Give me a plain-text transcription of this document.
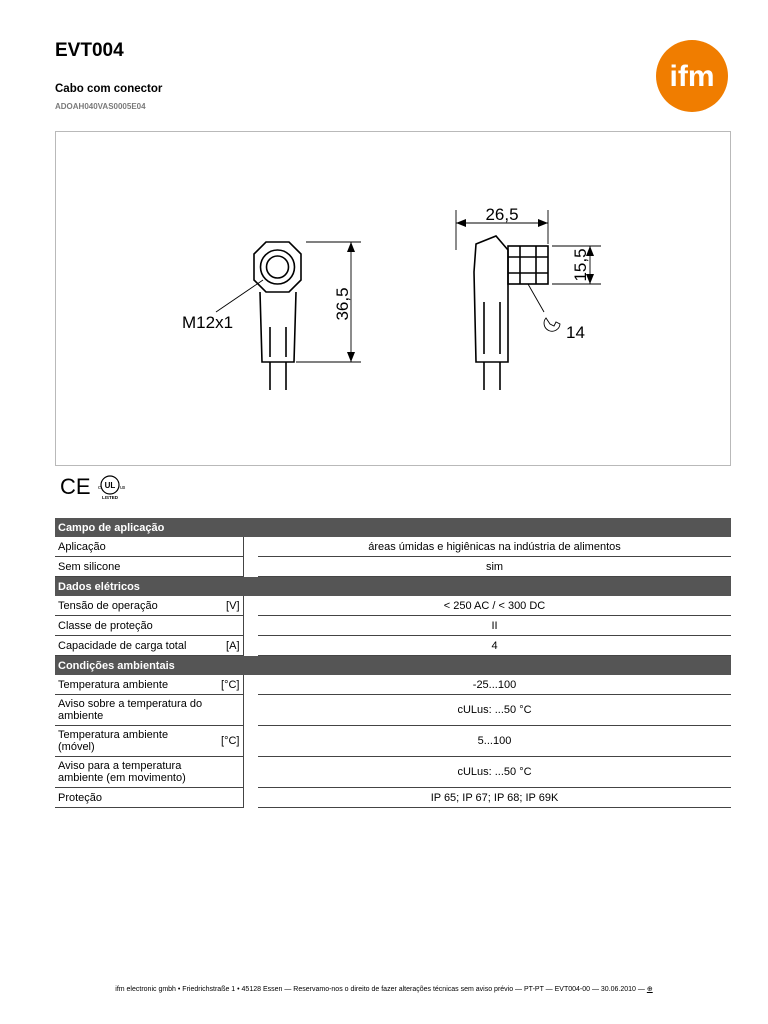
EVT004
Cabo com conector
ADOAH040VAS0005E04
ifm
M12x1
36,5
26,5
15,5
14
CE c UL us
LISTED
Campo de aplicação			
Aplicação			áreas úmidas e higiênicas na indústria de alimentos
Sem silicone			sim
Dados elétricos			
Tensão de operação	[V]		< 250 AC / < 300 DC
Classe de proteção			II
Capacidade de carga total	[A]		4
Condições ambientais			
Temperatura ambiente	[°C]		-25...100
Aviso sobre a temperatura do ambiente			cULus: ...50 °C
Temperatura ambiente (móvel)	[°C]		5...100
Aviso para a temperatura ambiente (em movimento)			cULus: ...50 °C
Proteção			IP 65; IP 67; IP 68; IP 69K
ifm electronic gmbh • Friedrichstraße 1 • 45128 Essen — Reservamo-nos o direito de fazer alterações técnicas sem aviso prévio — PT-PT — EVT004-00 — 30.06.2010 — ⊕
